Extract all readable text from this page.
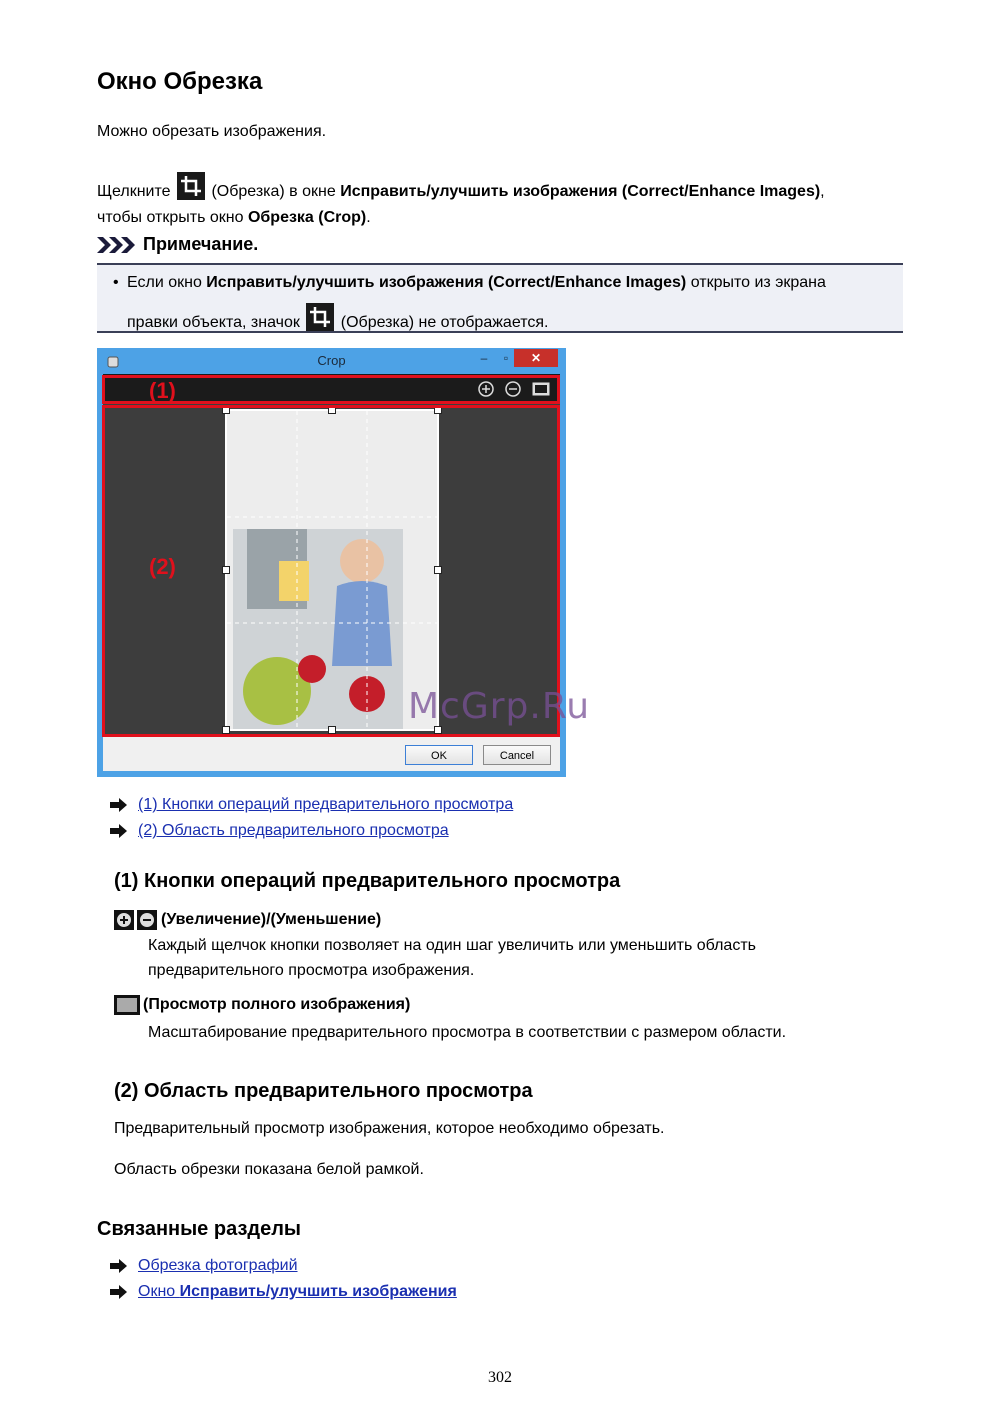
Окно Обрезка
Можно обрезать изображения.
Щелкните	(Обрезка) в окне Исправить/улучшить изображения (Correct/Enhance Images),
чтобы открыть окно Обрезка (Crop).
Примечание.
• Если окно Исправить/улучшить изображения (Correct/Enhance Images) открыто из экрана
правки объекта, значок	(Обрезка) не отображается.
Crop	–	▫	✕
(1)
(2)
OK	Cancel
McGrp.Ru
(1) Кнопки операций предварительного просмотра
(2) Область предварительного просмотра
(1) Кнопки операций предварительного просмотра
(Увеличение)/(Уменьшение)
Каждый щелчок кнопки позволяет на один шаг увеличить или уменьшить область
предварительного просмотра изображения.
(Просмотр полного изображения)
Масштабирование предварительного просмотра в соответствии с размером области.
(2) Область предварительного просмотра
Предварительный просмотр изображения, которое необходимо обрезать.
Область обрезки показана белой рамкой.
Связанные разделы
Обрезка фотографий
Окно Исправить/улучшить изображения
302
